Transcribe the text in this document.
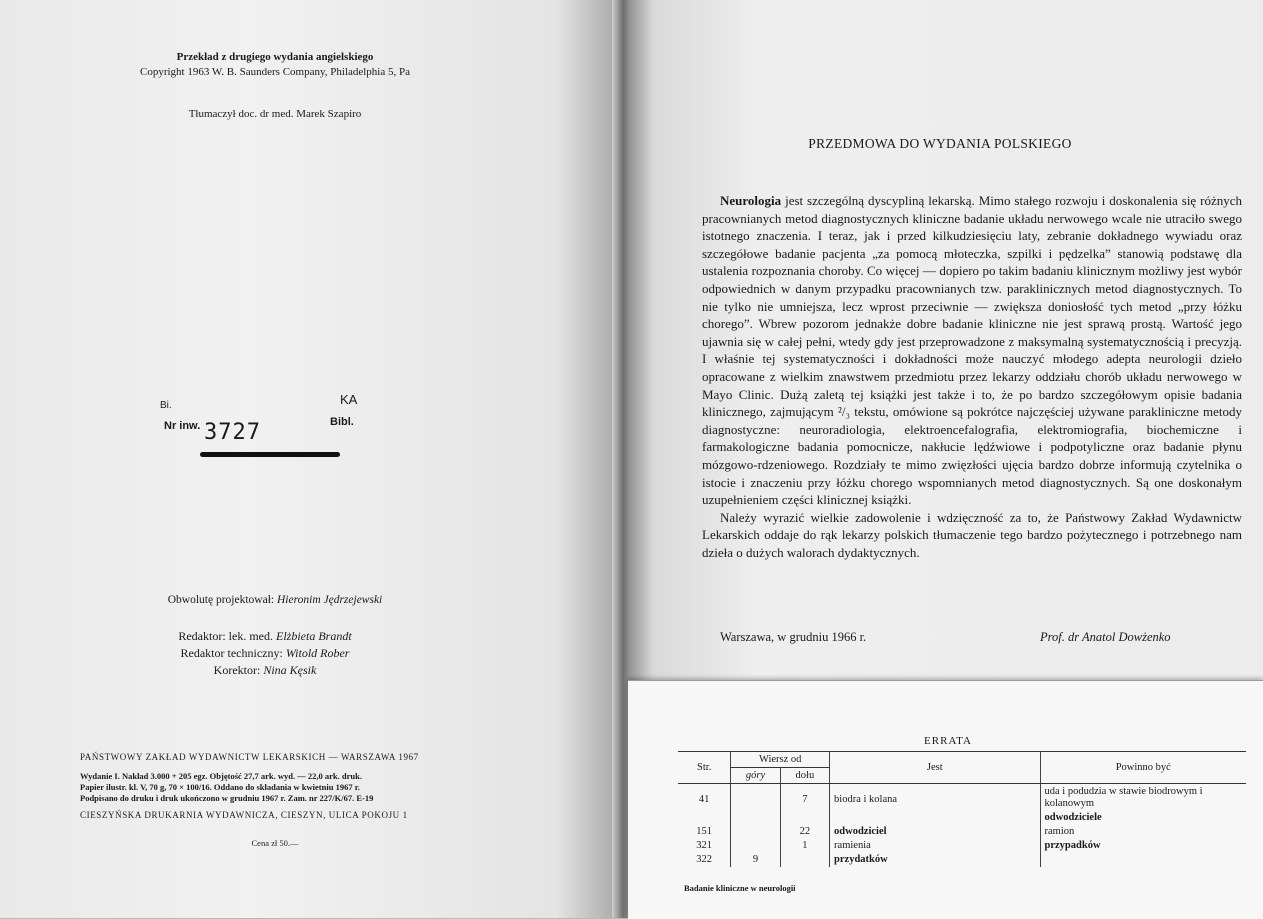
Przekład z drugiego wydania angielskiego
Copyright 1963 W. B. Saunders Company, Philadelphia 5, Pa
Tłumaczył doc. dr med. Marek Szapiro
Bi.	KA
Nr inw. 3727	Bibl.
Obwolutę projektował: Hieronim Jędrzejewski
Redaktor: lek. med. Elżbieta Brandt
Redaktor techniczny: Witold Rober
Korektor: Nina Kęsik
PAŃSTWOWY ZAKŁAD WYDAWNICTW LEKARSKICH — WARSZAWA 1967
Wydanie I. Nakład 3.000 + 205 egz. Objętość 27,7 ark. wyd. — 22,0 ark. druk.
Papier ilustr. kl. V, 70 g, 70 × 100/16. Oddano do składania w kwietniu 1967 r.
Podpisano do druku i druk ukończono w grudniu 1967 r. Zam. nr 227/K/67. E-19
CIESZYŃSKA DRUKARNIA WYDAWNICZA, CIESZYN, ULICA POKOJU 1
Cena zł 50.—
PRZEDMOWA DO WYDANIA POLSKIEGO

Neurologia jest szczególną dyscypliną lekarską. Mimo stałego rozwoju i doskonalenia się różnych pracownianych metod diagnostycznych kliniczne badanie układu nerwowego wcale nie utraciło swego istotnego znaczenia. I teraz, jak i przed kilkudziesięciu laty, zebranie dokładnego wywiadu oraz szczegółowe badanie pacjenta „za pomocą młoteczka, szpilki i pędzelka” stanowią podstawę dla ustalenia rozpoznania choroby. Co więcej — dopiero po takim badaniu klinicznym możliwy jest wybór odpowiednich w danym przypadku pracownianych tzw. paraklinicznych metod diagnostycznych. To nie tylko nie umniejsza, lecz wprost przeciwnie — zwiększa doniosłość tych metod „przy łóżku chorego”. Wbrew pozorom jednakże dobre badanie kliniczne nie jest sprawą prostą. Wartość jego ujawnia się w całej pełni, wtedy gdy jest przeprowadzone z maksymalną systematycznością i precyzją. I właśnie tej systematyczności i dokładności może nauczyć młodego adepta neurologii dzieło opracowane z wielkim znawstwem przedmiotu przez lekarzy oddziału chorób układu nerwowego w Mayo Clinic. Dużą zaletą tej książki jest także i to, że po bardzo szczegółowym opisie badania klinicznego, zajmującym ²/₃ tekstu, omówione są pokrótce najczęściej używane parakliniczne metody diagnostyczne: neuroradiologia, elektroencefalografia, elektromiografia, biochemiczne i farmakologiczne badania pomocnicze, nakłucie lędźwiowe i podpotyliczne oraz badanie płynu mózgowo-rdzeniowego. Rozdziały te mimo zwięzłości ujęcia bardzo dobrze informują czytelnika o istocie i znaczeniu przy łóżku chorego wspomnianych metod diagnostycznych. Są one doskonałym uzupełnieniem części klinicznej książki.

Należy wyrazić wielkie zadowolenie i wdzięczność za to, że Państwowy Zakład Wydawnictw Lekarskich oddaje do rąk lekarzy polskich tłumaczenie tego bardzo pożytecznego i potrzebnego nam dzieła o dużych walorach dydaktycznych.

Warszawa, w grudniu 1966 r.	Prof. dr Anatol Dowżenko
ERRATA
Str.	Wiersz od		Jest	Powinno być
	góry	dołu		
41		7	biodra i kolana	uda i podudzia w stawie biodrowym i kolanowym
				odwodziciele
151		22	odwodziciel	ramion
321		1	ramienia	przypadków
322	9		przydatków	
Badanie kliniczne w neurologii
